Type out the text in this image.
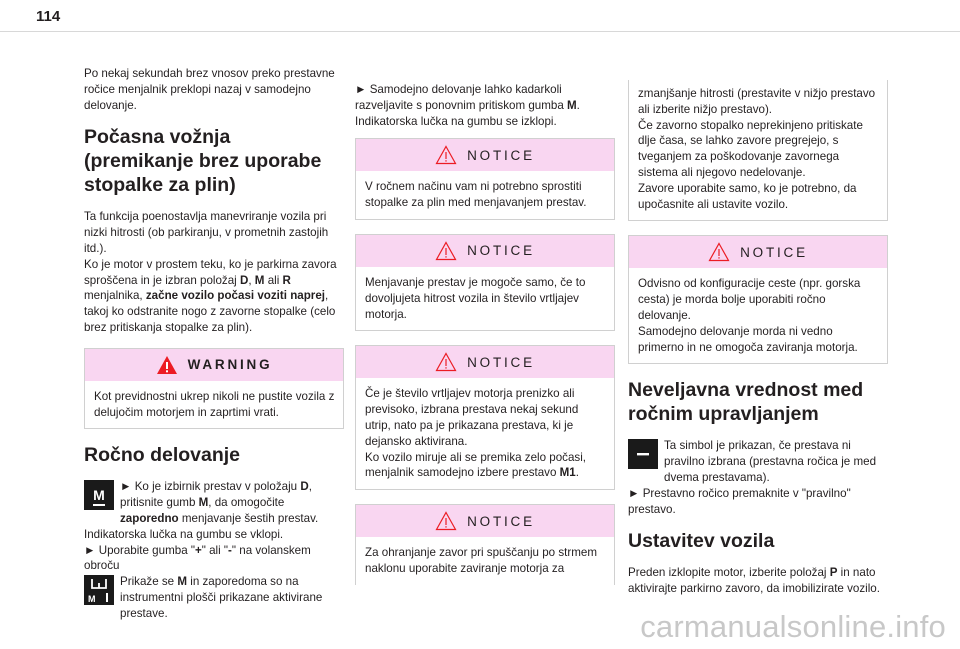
114

Po nekaj sekundah brez vnosov preko prestavne ročice menjalnik preklopi nazaj v samodejno delovanje.

Počasna vožnja (premikanje brez uporabe stopalke za plin)

Ta funkcija poenostavlja manevriranje vozila pri nizki hitrosti (ob parkiranju, v prometnih zastojih itd.).

Ko je motor v prostem teku, ko je parkirna zavora sproščena in je izbran položaj D, M ali R menjalnika, začne vozilo počasi voziti naprej, takoj ko odstranite nogo z zavorne stopalke (celo brez pritiskanja stopalke za plin).

WARNING
Kot previdnostni ukrep nikoli ne pustite vozila z delujočim motorjem in zaprtimi vrati.
Ročno delovanje

M
► Ko je izbirnik prestav v položaju D, pritisnite gumb M, da omogočite zaporedno menjavanje šestih prestav.

Indikatorska lučka na gumbu se vklopi.

► Uporabite gumba "+" ali "-" na volanskem obroču

M
Prikaže se M in zaporedoma so na instrumentni plošči prikazane aktivirane prestave.

► Samodejno delovanje lahko kadarkoli razveljavite s ponovnim pritiskom gumba M.

Indikatorska lučka na gumbu se izklopi.

NOTICE
V ročnem načinu vam ni potrebno sprostiti stopalke za plin med menjavanjem prestav.
NOTICE
Menjavanje prestav je mogoče samo, če to dovoljujeta hitrost vozila in število vrtljajev motorja.
NOTICE
Če je število vrtljajev motorja prenizko ali previsoko, izbrana prestava nekaj sekund utrip, nato pa je prikazana prestava, ki je dejansko aktivirana.
Ko vozilo miruje ali se premika zelo počasi, menjalnik samodejno izbere prestavo M1.
NOTICE
Za ohranjanje zavor pri spuščanju po strmem naklonu uporabite zaviranje motorja za
zmanjšanje hitrosti (prestavite v nižjo prestavo ali izberite nižjo prestavo).
Če zavorno stopalko neprekinjeno pritiskate dlje časa, se lahko zavore pregrejejo, s tveganjem za poškodovanje zavornega sistema ali njegovo nedelovanje.
Zavore uporabite samo, ko je potrebno, da upočasnite ali ustavite vozilo.
NOTICE
Odvisno od konfiguracije ceste (npr. gorska cesta) je morda bolje uporabiti ročno delovanje.
Samodejno delovanje morda ni vedno primerno in ne omogoča zaviranja motorja.
Neveljavna vrednost med ročnim upravljanjem

Ta simbol je prikazan, če prestava ni pravilno izbrana (prestavna ročica je med dvema prestavama).

► Prestavno ročico premaknite v "pravilno" prestavo.

Ustavitev vozila

Preden izklopite motor, izberite položaj P in nato aktivirajte parkirno zavoro, da imobilizirate vozilo.

carmanualsonline.info
